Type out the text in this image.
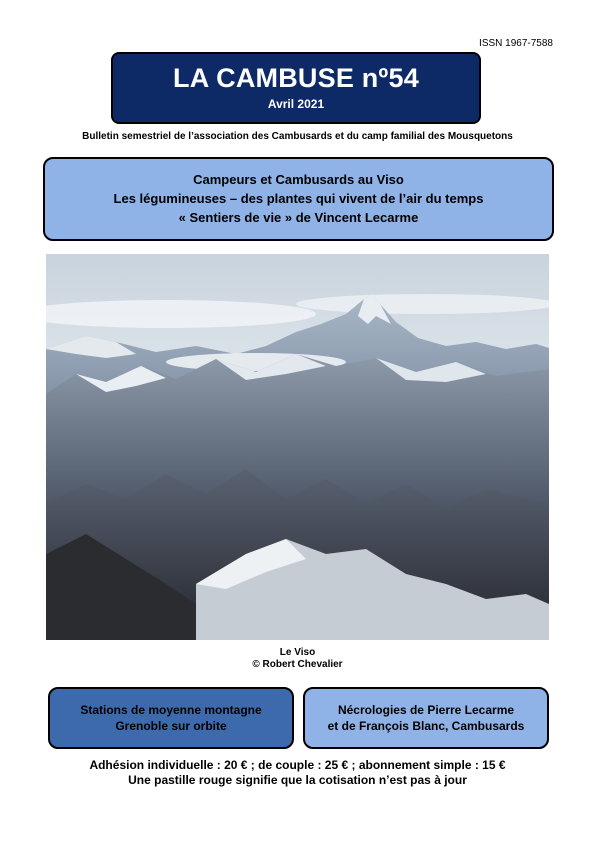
ISSN 1967-7588
LA CAMBUSE nº54
Avril 2021
Bulletin semestriel de l’association des Cambusards et du camp familial des Mousquetons
Campeurs et Cambusards au Viso
Les légumineuses – des plantes qui vivent de l’air du temps
« Sentiers de vie » de Vincent Lecarme
Le Viso
© Robert Chevalier
Stations de moyenne montagne
Grenoble sur orbite
Nécrologies de Pierre Lecarme
et de François Blanc, Cambusards
Adhésion individuelle : 20 € ; de couple : 25 € ; abonnement simple : 15 €
Une pastille rouge signifie que la cotisation n’est pas à jour
